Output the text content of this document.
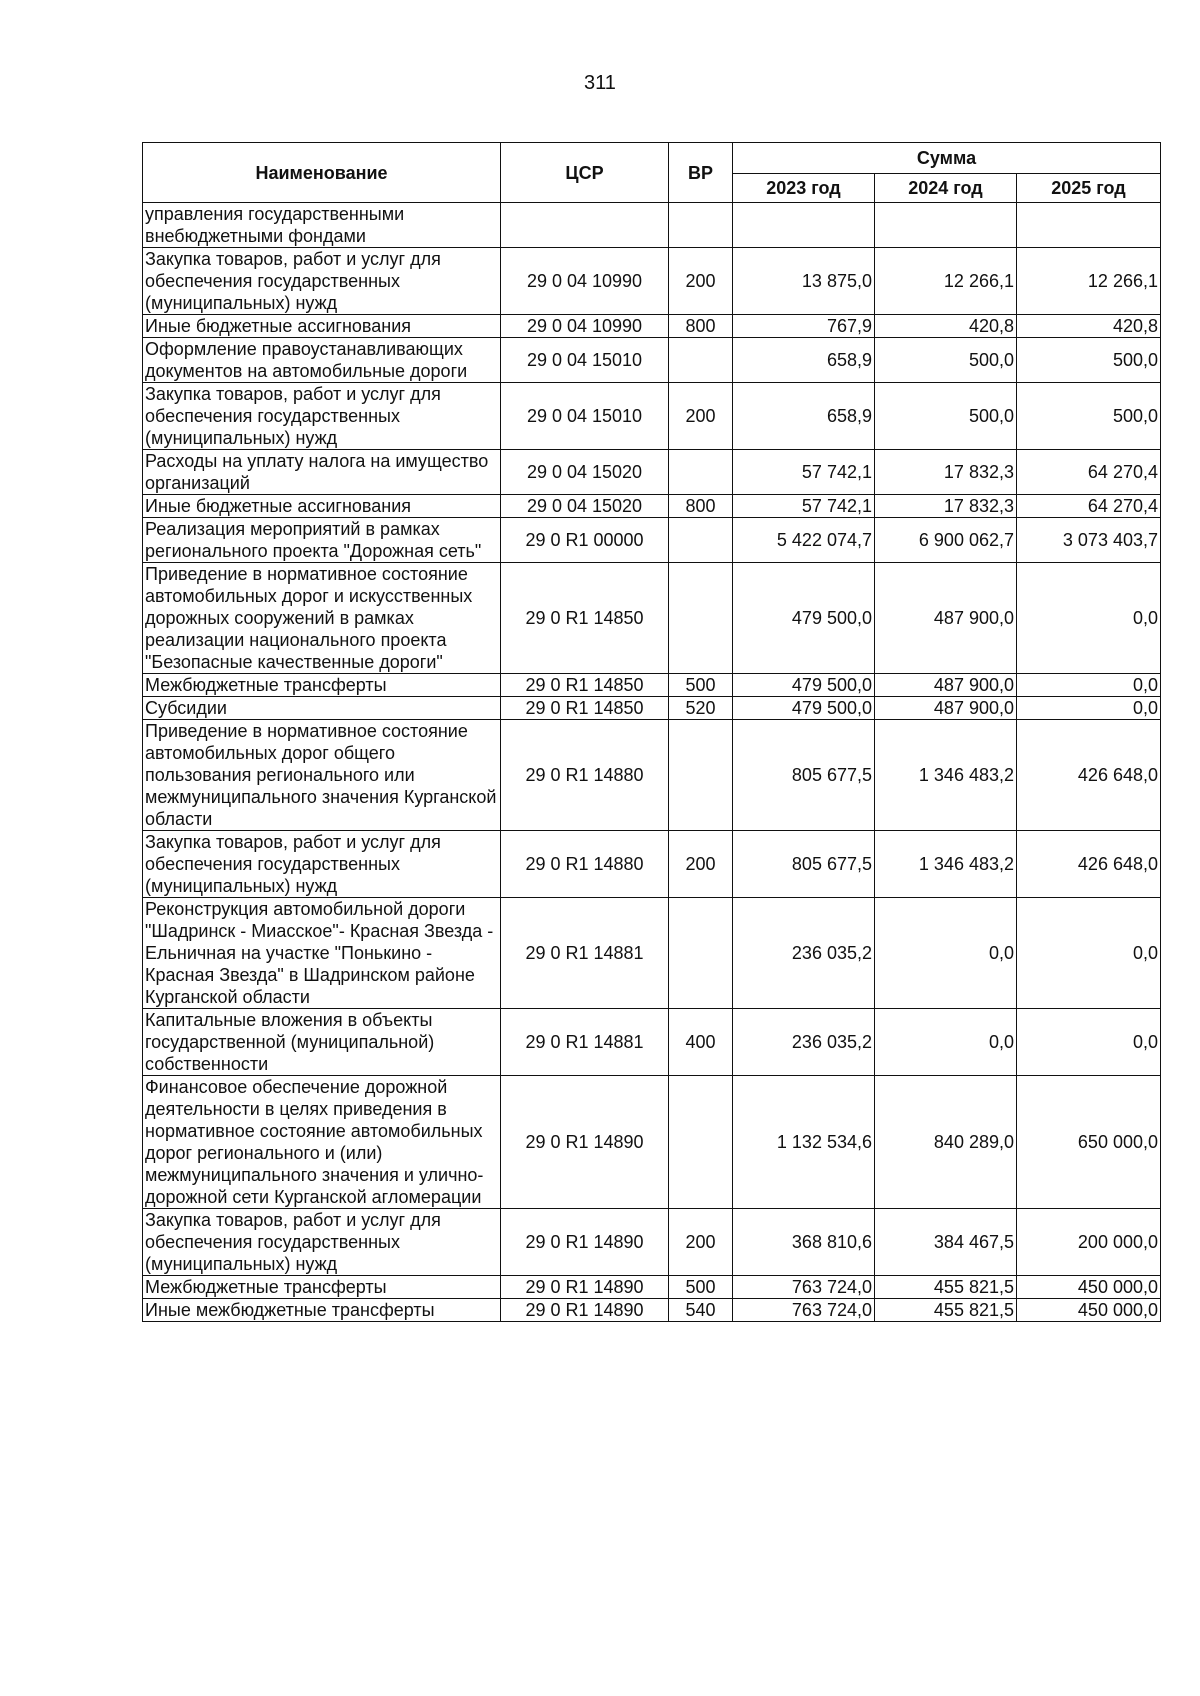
311
Наименование	ЦСР	ВР	Сумма		
			2023 год	2024 год	2025 год
управления государственными внебюджетными фондами					
Закупка товаров, работ и услуг для обеспечения государственных (муниципальных) нужд	29 0 04 10990	200	13 875,0	12 266,1	12 266,1
Иные бюджетные ассигнования	29 0 04 10990	800	767,9	420,8	420,8
Оформление правоустанавливающих документов на автомобильные дороги	29 0 04 15010		658,9	500,0	500,0
Закупка товаров, работ и услуг для обеспечения государственных (муниципальных) нужд	29 0 04 15010	200	658,9	500,0	500,0
Расходы на уплату налога на имущество организаций	29 0 04 15020		57 742,1	17 832,3	64 270,4
Иные бюджетные ассигнования	29 0 04 15020	800	57 742,1	17 832,3	64 270,4
Реализация мероприятий в рамках регионального проекта "Дорожная сеть"	29 0 R1 00000		5 422 074,7	6 900 062,7	3 073 403,7
Приведение в нормативное состояние автомобильных дорог и искусственных дорожных сооружений в рамках реализации национального проекта "Безопасные качественные дороги"	29 0 R1 14850		479 500,0	487 900,0	0,0
Межбюджетные трансферты	29 0 R1 14850	500	479 500,0	487 900,0	0,0
Субсидии	29 0 R1 14850	520	479 500,0	487 900,0	0,0
Приведение в нормативное состояние автомобильных дорог общего пользования регионального или межмуниципального значения Курганской области	29 0 R1 14880		805 677,5	1 346 483,2	426 648,0
Закупка товаров, работ и услуг для обеспечения государственных (муниципальных) нужд	29 0 R1 14880	200	805 677,5	1 346 483,2	426 648,0
Реконструкция автомобильной дороги "Шадринск - Миасское"- Красная Звезда - Ельничная на участке "Понькино - Красная Звезда" в Шадринском районе Курганской области	29 0 R1 14881		236 035,2	0,0	0,0
Капитальные вложения в объекты государственной (муниципальной) собственности	29 0 R1 14881	400	236 035,2	0,0	0,0
Финансовое обеспечение дорожной деятельности в целях приведения в нормативное состояние автомобильных дорог регионального и (или) межмуниципального значения и улично-дорожной сети Курганской агломерации	29 0 R1 14890		1 132 534,6	840 289,0	650 000,0
Закупка товаров, работ и услуг для обеспечения государственных (муниципальных) нужд	29 0 R1 14890	200	368 810,6	384 467,5	200 000,0
Межбюджетные трансферты	29 0 R1 14890	500	763 724,0	455 821,5	450 000,0
Иные межбюджетные трансферты	29 0 R1 14890	540	763 724,0	455 821,5	450 000,0
